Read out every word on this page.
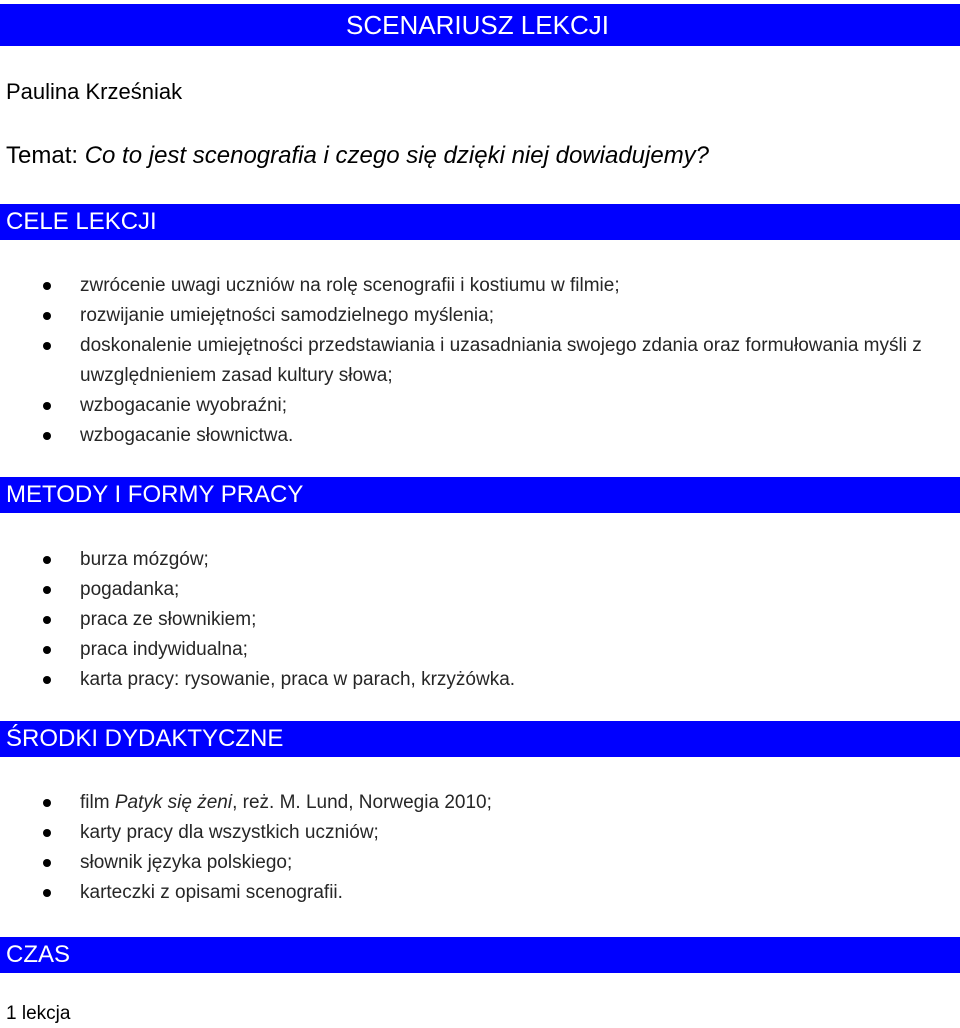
SCENARIUSZ LEKCJI
Paulina Krześniak
Temat: Co to jest scenografia i czego się dzięki niej dowiadujemy?
CELE LEKCJI
zwrócenie uwagi uczniów na rolę scenografii i kostiumu w filmie;
rozwijanie umiejętności samodzielnego myślenia;
doskonalenie umiejętności przedstawiania i uzasadniania swojego zdania oraz formułowania myśli z uwzględnieniem zasad kultury słowa;
wzbogacanie wyobraźni;
wzbogacanie słownictwa.
METODY I FORMY PRACY
burza mózgów;
pogadanka;
praca ze słownikiem;
praca indywidualna;
karta pracy: rysowanie, praca w parach, krzyżówka.
ŚRODKI DYDAKTYCZNE
film Patyk się żeni, reż. M. Lund, Norwegia 2010;
karty pracy dla wszystkich uczniów;
słownik języka polskiego;
karteczki z opisami scenografii.
CZAS
1 lekcja
